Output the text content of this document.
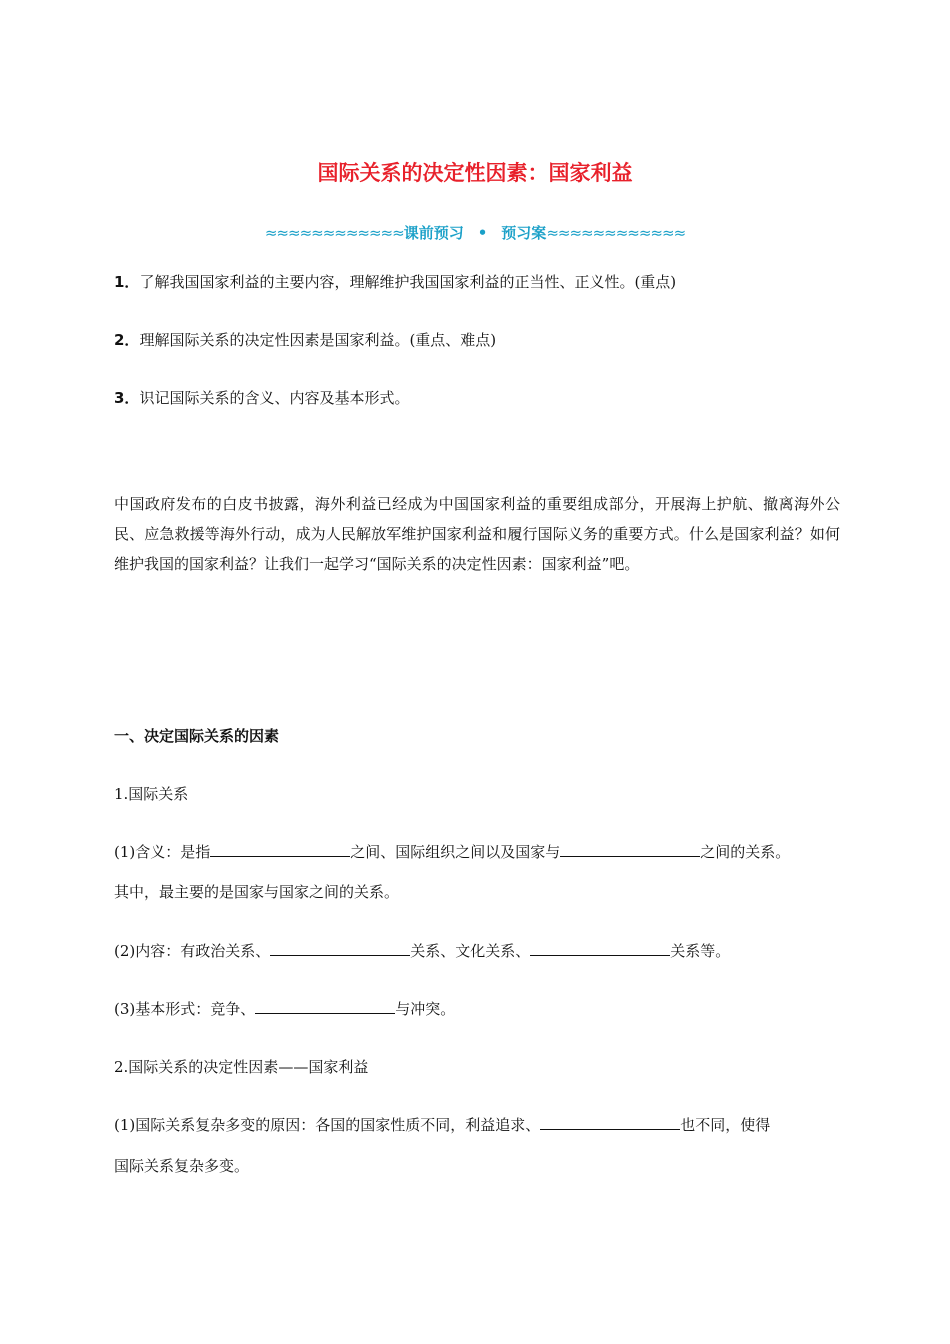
国际关系的决定性因素：国家利益
≈≈≈≈≈≈≈≈≈≈≈≈课前预习 • 预习案≈≈≈≈≈≈≈≈≈≈≈≈
1．了解我国国家利益的主要内容，理解维护我国国家利益的正当性、正义性。(重点)
2．理解国际关系的决定性因素是国家利益。(重点、难点)
3．识记国际关系的含义、内容及基本形式。
中国政府发布的白皮书披露，海外利益已经成为中国国家利益的重要组成部分，开展海上护航、撤离海外公民、应急救援等海外行动，成为人民解放军维护国家利益和履行国际义务的重要方式。什么是国家利益？如何维护我国的国家利益？让我们一起学习“国际关系的决定性因素：国家利益”吧。
一、决定国际关系的因素
1.国际关系
(1)含义：是指	之间、国际组织之间以及国家与	之间的关系。
其中，最主要的是国家与国家之间的关系。
(2)内容：有政治关系、	关系、文化关系、	关系等。
(3)基本形式：竞争、	与冲突。
2.国际关系的决定性因素——国家利益
(1)国际关系复杂多变的原因：各国的国家性质不同，利益追求、	也不同，使得
国际关系复杂多变。
